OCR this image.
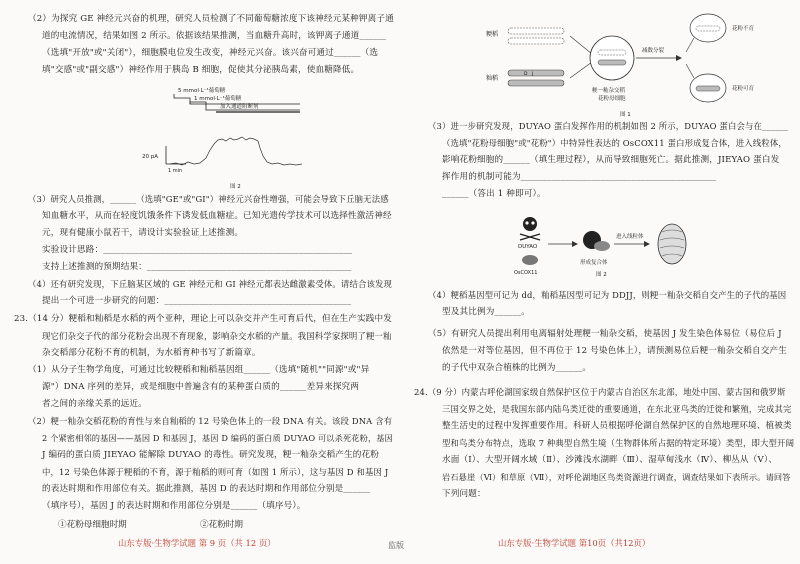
（2）为探究 GE 神经元兴奋的机理，研究人员检测了不同葡萄糖浓度下该神经元某种钾离子通
道的电流情况，结果如图 2 所示。依据该结果推测，当血糖升高时，该钾离子通道______
（选填"开放"或"关闭"），细胞膜电位发生改变，神经元兴奋。该兴奋可通过______（选
填"交感"或"副交感"）神经作用于胰岛 B 细胞，促使其分泌胰岛素，使血糖降低。
5 mmol·L⁻¹葡萄糖
1 mmol·L⁻¹葡萄糖
加入通道阻断剂
20 pA
1 min
图 2
（3）研究人员推测，______（选填"GE"或"GI"）神经元兴奋性增强，可能会导致下丘脑无法感
知血糖水平，从而在轻度饥饿条件下诱发低血糖症。已知光遗传学技术可以选择性激活神经
元，现有健康小鼠若干，请设计实验验证上述推测。
实验设计思路：________________________________________________________
支持上述推测的预期结果：______________________________________________
（4）还有研究发现，下丘脑某区域的 GE 神经元和 GI 神经元都表达雌激素受体。请结合该发现
提出一个可进一步研究的问题：__________________________________________
23.（14 分）粳稻和籼稻是水稻的两个亚种，理论上可以杂交并产生可育后代，但在生产实践中发
现它们杂交子代的部分花粉会出现不育现象，影响杂交水稻的产量。我国科学家探明了粳一籼
杂交稻部分花粉不育的机制，为水稻育种书写了新篇章。
（1）从分子生物学角度，可通过比较粳稻和籼稻基因组______（选填"随机""同源"或"异
源"）DNA 序列的差异，或是细胞中普遍含有的某种蛋白质的______差异来探究两
者之间的亲缘关系的远近。
（2）粳一籼杂交稻花粉的育性与来自籼稻的 12 号染色体上的一段 DNA 有关。该段 DNA 含有
2 个紧密相邻的基因——基因 D 和基因 J，基因 D 编码的蛋白质 DUYAO 可以杀死花粉，基因
J 编码的蛋白质 JIEYAO 能解除 DUYAO 的毒性。研究发现，粳一籼杂交稻产生的花粉
中，12 号染色体源于粳稻的不育，源于籼稻的则可育（如图 1 所示），这与基因 D 和基因 J
的表达时期和作用部位有关。据此推测，基因 D 的表达时期和作用部位分别是______
（填序号），基因 J 的表达时期和作用部位分别是______（填序号）。
①花粉母细胞时期	②花粉时期
山东专版·生物学试题 第 9 页（共 12 页）	监版
粳稻
籼稻
D J
粳一籼杂交稻
花粉母细胞
减数分裂
花粉不育
花粉可育
图 1
（3）进一步研究发现，DUYAO 蛋白发挥作用的机制如图 2 所示，DUYAO 蛋白会与在______
（选填"花粉母细胞"或"花粉"）中特异性表达的 OsCOX11 蛋白形成复合体，进入线粒体，
影响花粉细胞的______（填生理过程），从而导致细胞死亡。据此推测，JIEYAO 蛋白发
挥作用的机制可能为____________________________________________
______（答出 1 种即可）。
DUYAO
OsCOX11
形成复合体
进入线粒体
图 2
（4）粳稻基因型可记为 dd，籼稻基因型可记为 DDJJ，则粳一籼杂交稻自交产生的子代的基因
型及其比例为______。
（5）有研究人员提出利用电离辐射处理粳一籼杂交稻，使基因 J 发生染色体易位（易位后 J
依然是一对等位基因，但不再位于 12 号染色体上），请预测易位后粳一籼杂交稻自交产生
的子代中双杂合植株的比例为______。
24.（9 分）内蒙古呼伦湖国家级自然保护区位于内蒙古自治区东北部，地处中国、蒙古国和俄罗斯
三国交界之处，是我国东部内陆鸟类迁徙的重要通道，在东北亚鸟类的迁徙和繁殖，完成其完
整生活史的过程中发挥重要作用。科研人员根据呼伦湖自然保护区的自然地理环境、植被类
型和鸟类分布特点，选取 7 种典型自然生境（生物群体所占据的特定环境）类型，即大型开阔
水面（Ⅰ）、大型开阔水域（Ⅱ）、沙滩浅水湖畔（Ⅲ）、湿草甸浅水（Ⅳ）、柳丛从（Ⅴ）、
岩石悬崖（Ⅵ）和草原（Ⅶ），对呼伦湖地区鸟类资源进行调查，调查结果如下表所示。请回答
下列问题：
山东专版·生物学试题 第10页（共12页）
